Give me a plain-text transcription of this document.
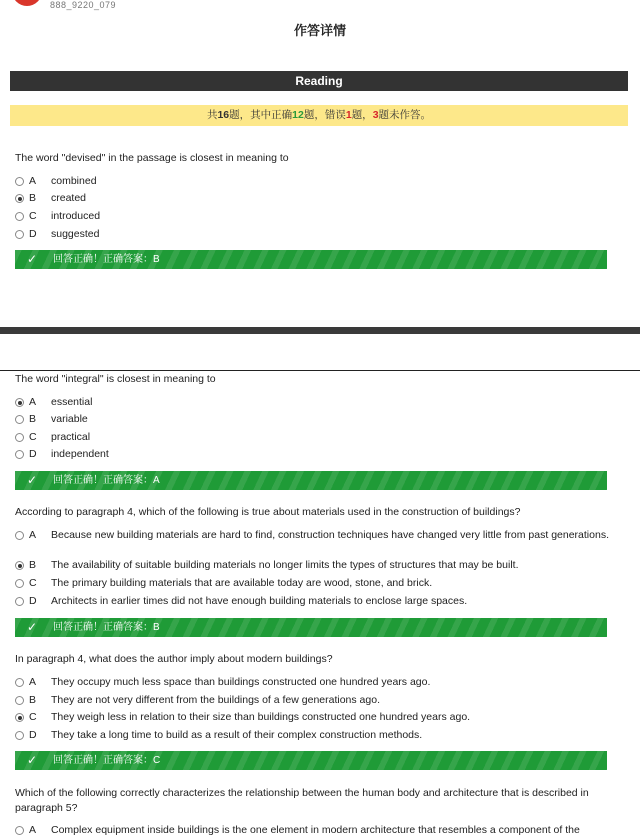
888_9220_079
作答详情
Reading
共16题，其中正确12题，错误1题，3题未作答。
The word "devised" in the passage is closest in meaning to
A combined
B created
C introduced
D suggested
✓ 回答正确！正确答案：B
The word "integral" is closest in meaning to
A essential
B variable
C practical
D independent
✓ 回答正确！正确答案：A
According to paragraph 4, which of the following is true about materials used in the construction of buildings?
A Because new building materials are hard to find, construction techniques have changed very little from past generations.
B The availability of suitable building materials no longer limits the types of structures that may be built.
C The primary building materials that are available today are wood, stone, and brick.
D Architects in earlier times did not have enough building materials to enclose large spaces.
✓ 回答正确！正确答案：B
In paragraph 4, what does the author imply about modern buildings?
A They occupy much less space than buildings constructed one hundred years ago.
B They are not very different from the buildings of a few generations ago.
C They weigh less in relation to their size than buildings constructed one hundred years ago.
D They take a long time to build as a result of their complex construction methods.
✓ 回答正确！正确答案：C
Which of the following correctly characterizes the relationship between the human body and architecture that is described in paragraph 5?
A Complex equipment inside buildings is the one element in modern architecture that resembles a component of the
